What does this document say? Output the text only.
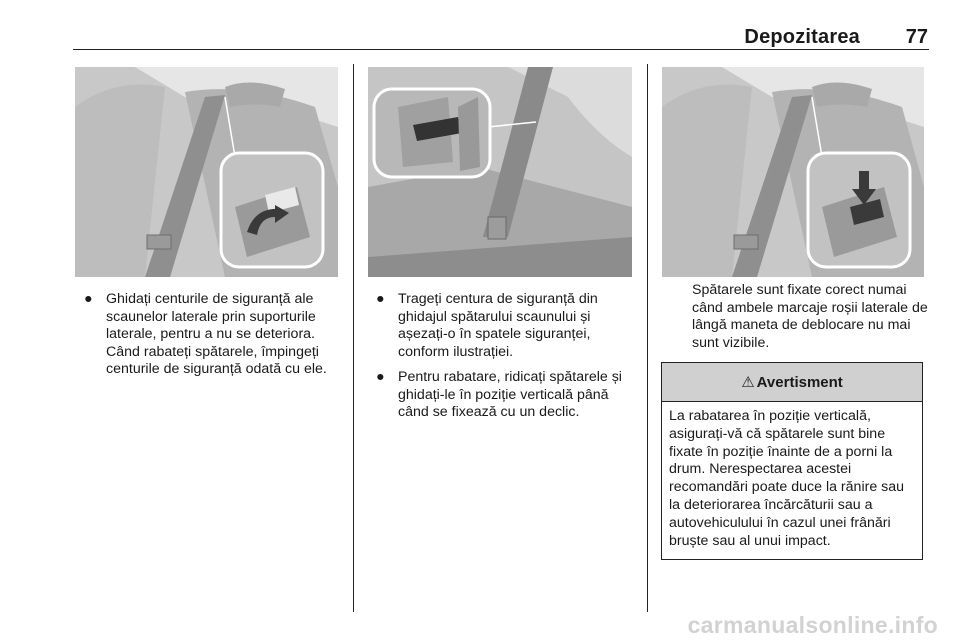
Depozitarea	77
● Ghidați centurile de siguranță ale scaunelor laterale prin suporturile laterale, pentru a nu se deteriora. Când rabateți spătarele, împingeți centurile de siguranță odată cu ele.
● Trageți centura de siguranță din ghidajul spătarului scaunului și așezați-o în spatele siguranței, conform ilustrației.
● Pentru rabatare, ridicați spătarele și ghidați-le în poziție verticală până când se fixează cu un declic.
Spătarele sunt fixate corect numai când ambele marcaje roșii laterale de lângă maneta de deblocare nu mai sunt vizibile.
⚠ Avertisment
La rabatarea în poziție verticală, asigurați-vă că spătarele sunt bine fixate în poziție înainte de a porni la drum. Nerespectarea acestei recomandări poate duce la rănire sau la deteriorarea încărcăturii sau a autovehiculului în cazul unei frânări bruște sau al unui impact.
carmanualsonline.info
